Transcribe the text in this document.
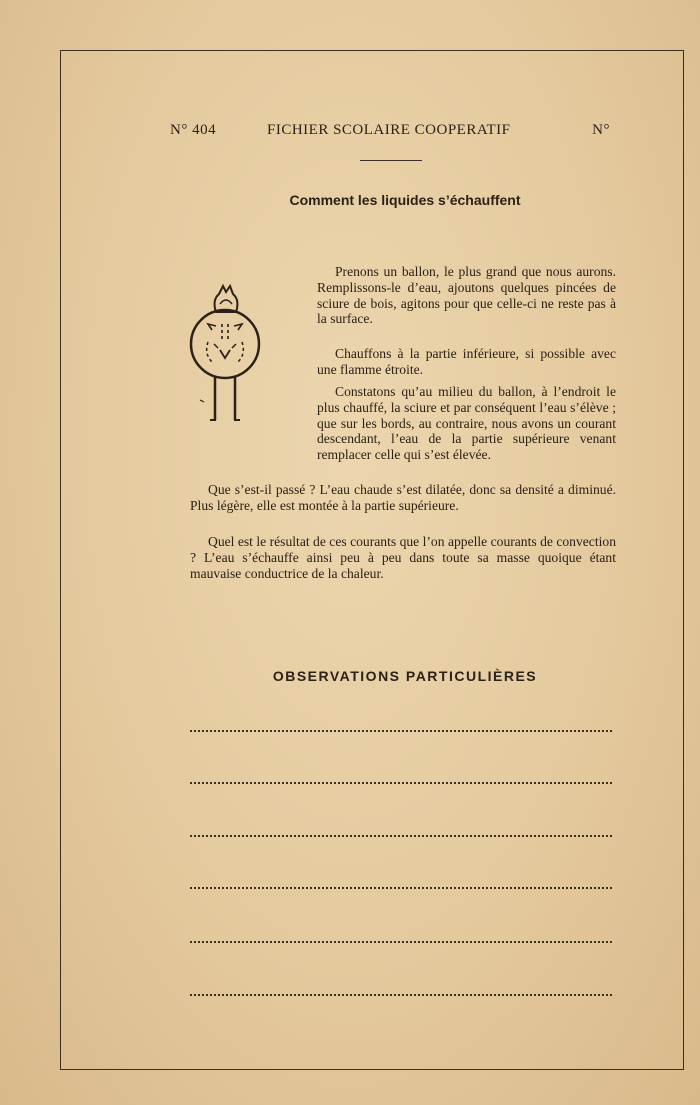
N° 404	FICHIER SCOLAIRE COOPERATIF	N°
Comment les liquides s’échauffent

Prenons un ballon, le plus grand que nous aurons. Remplissons-le d’eau, ajoutons quelques pincées de sciure de bois, agitons pour que celle-ci ne reste pas à la surface.

Chauffons à la partie inférieure, si possible avec une flamme étroite.

Constatons qu’au milieu du ballon, à l’endroit le plus chauffé, la sciure et par conséquent l’eau s’élève ; que sur les bords, au contraire, nous avons un courant descendant, l’eau de la partie supérieure venant remplacer celle qui s’est élevée.

Que s’est-il passé ? L’eau chaude s’est dilatée, donc sa densité a diminué. Plus légère, elle est montée à la partie supérieure.

Quel est le résultat de ces courants que l’on appelle courants de convection ? L’eau s’échauffe ainsi peu à peu dans toute sa masse quoique étant mauvaise conductrice de la chaleur.

OBSERVATIONS PARTICULIÈRES
